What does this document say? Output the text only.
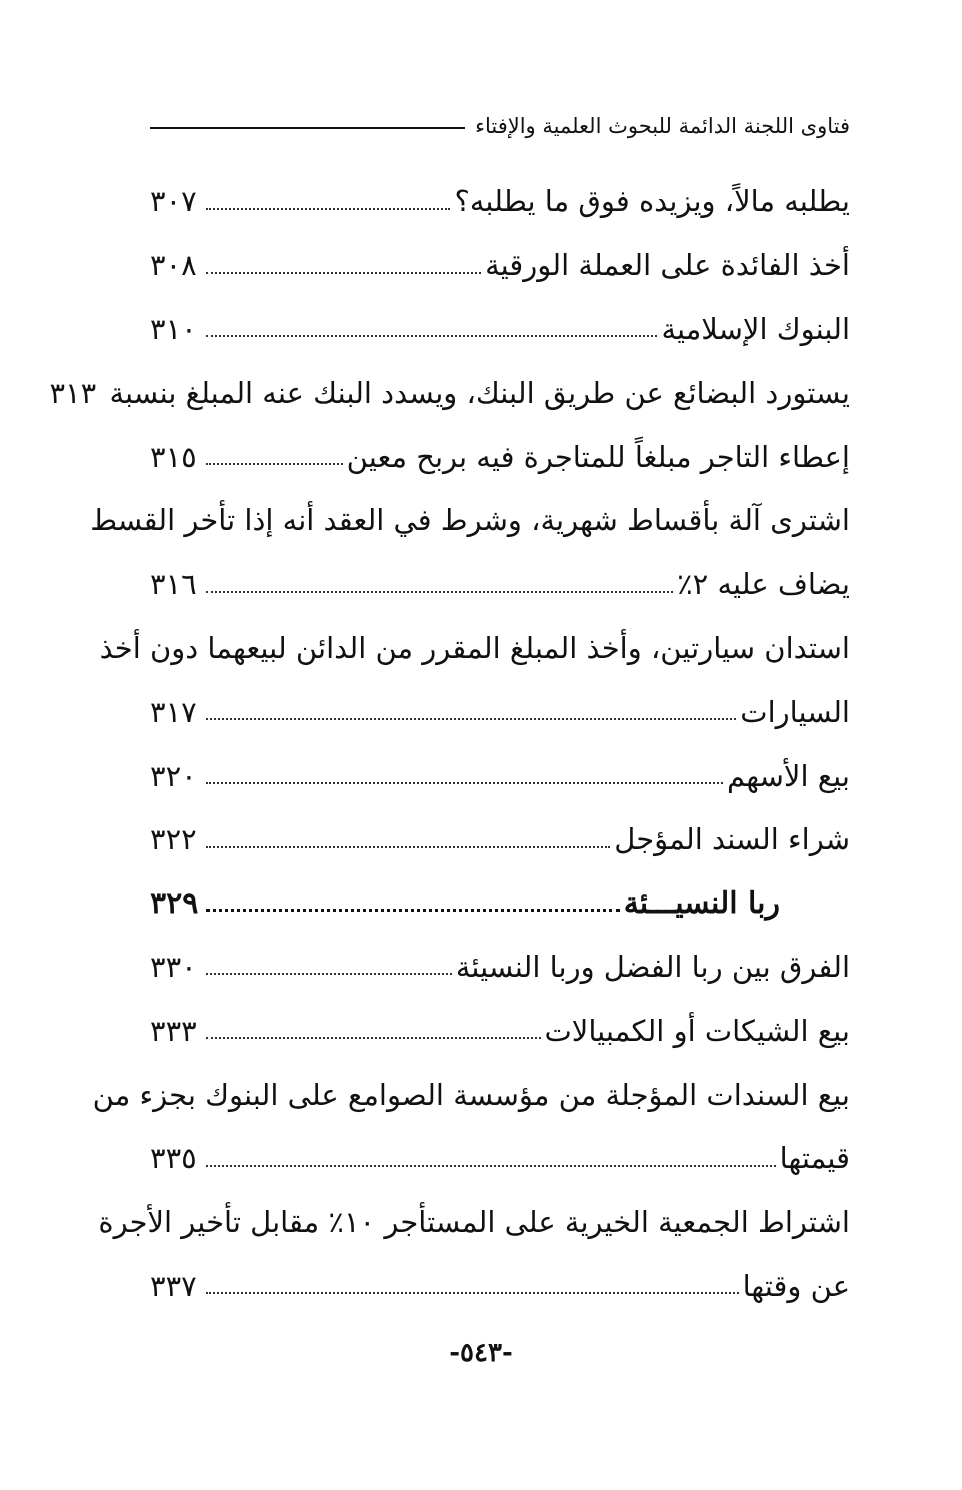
فتاوى اللجنة الدائمة للبحوث العلمية والإفتاء
يطلبه مالاً، ويزيده فوق ما يطلبه؟
٣٠٧
أخذ الفائدة على العملة الورقية
٣٠٨
البنوك الإسلامية
٣١٠
يستورد البضائع عن طريق البنك، ويسدد البنك عنه المبلغ بنسبة
٣١٣
إعطاء التاجر مبلغاً للمتاجرة فيه بربح معين
٣١٥
اشترى آلة بأقساط شهرية، وشرط في العقد أنه إذا تأخر القسط
يضاف عليه ٢٪
٣١٦
استدان سيارتين، وأخذ المبلغ المقرر من الدائن لبيعهما دون أخذ
السيارات
٣١٧
بيع الأسهم
٣٢٠
شراء السند المؤجل
٣٢٢
ربا النسيـــئة
٣٢٩
الفرق بين ربا الفضل وربا النسيئة
٣٣٠
بيع الشيكات أو الكمبيالات
٣٣٣
بيع السندات المؤجلة من مؤسسة الصوامع على البنوك بجزء من
قيمتها
٣٣٥
اشتراط الجمعية الخيرية على المستأجر ١٠٪ مقابل تأخير الأجرة
عن وقتها
٣٣٧
-٥٤٣-
